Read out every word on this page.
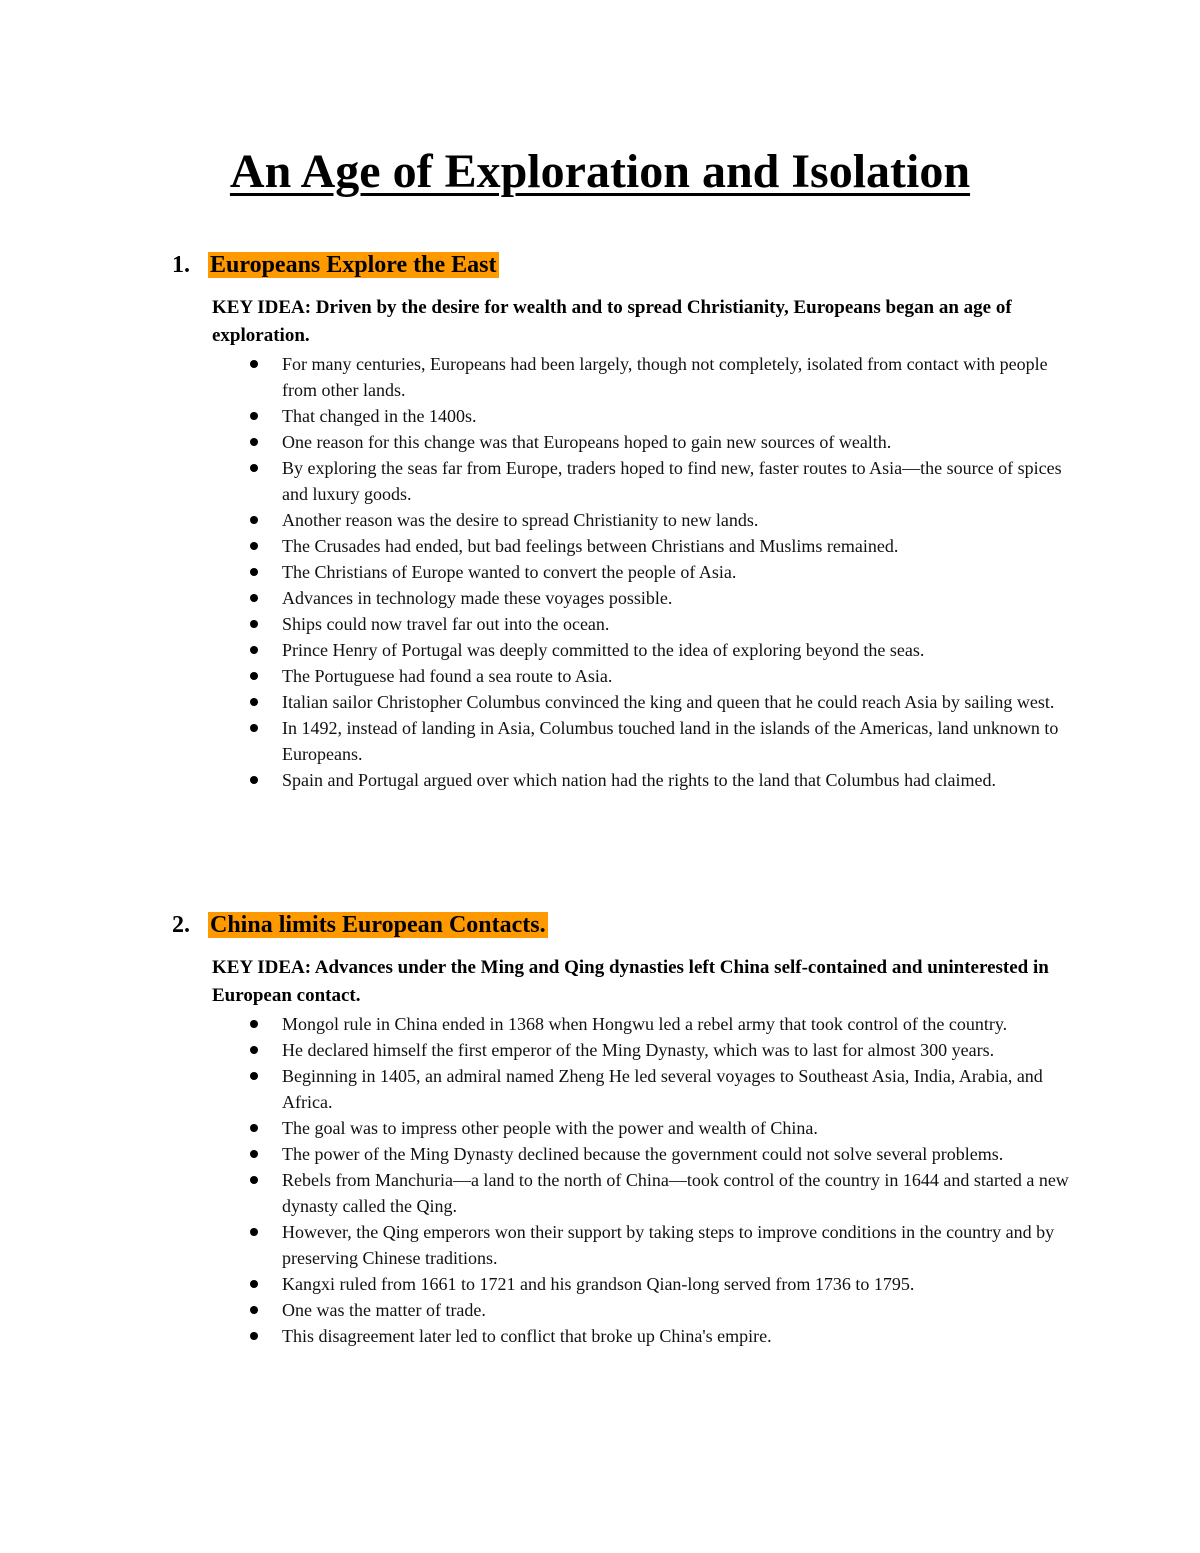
An Age of Exploration and Isolation
1. Europeans Explore the East

KEY IDEA: Driven by the desire for wealth and to spread Christianity, Europeans began an age of exploration.

For many centuries, Europeans had been largely, though not completely, isolated from contact with people from other lands.
That changed in the 1400s.
One reason for this change was that Europeans hoped to gain new sources of wealth.
By exploring the seas far from Europe, traders hoped to find new, faster routes to Asia—the source of spices and luxury goods.
Another reason was the desire to spread Christianity to new lands.
The Crusades had ended, but bad feelings between Christians and Muslims remained.
The Christians of Europe wanted to convert the people of Asia.
Advances in technology made these voyages possible.
Ships could now travel far out into the ocean.
Prince Henry of Portugal was deeply committed to the idea of exploring beyond the seas.
The Portuguese had found a sea route to Asia.
Italian sailor Christopher Columbus convinced the king and queen that he could reach Asia by sailing west.
In 1492, instead of landing in Asia, Columbus touched land in the islands of the Americas, land unknown to Europeans.
Spain and Portugal argued over which nation had the rights to the land that Columbus had claimed.
2. China limits European Contacts.

KEY IDEA: Advances under the Ming and Qing dynasties left China self-contained and uninterested in European contact.

Mongol rule in China ended in 1368 when Hongwu led a rebel army that took control of the country.
He declared himself the first emperor of the Ming Dynasty, which was to last for almost 300 years.
Beginning in 1405, an admiral named Zheng He led several voyages to Southeast Asia, India, Arabia, and Africa.
The goal was to impress other people with the power and wealth of China.
The power of the Ming Dynasty declined because the government could not solve several problems.
Rebels from Manchuria—a land to the north of China—took control of the country in 1644 and started a new dynasty called the Qing.
However, the Qing emperors won their support by taking steps to improve conditions in the country and by preserving Chinese traditions.
Kangxi ruled from 1661 to 1721 and his grandson Qian-long served from 1736 to 1795.
One was the matter of trade.
This disagreement later led to conflict that broke up China's empire.
